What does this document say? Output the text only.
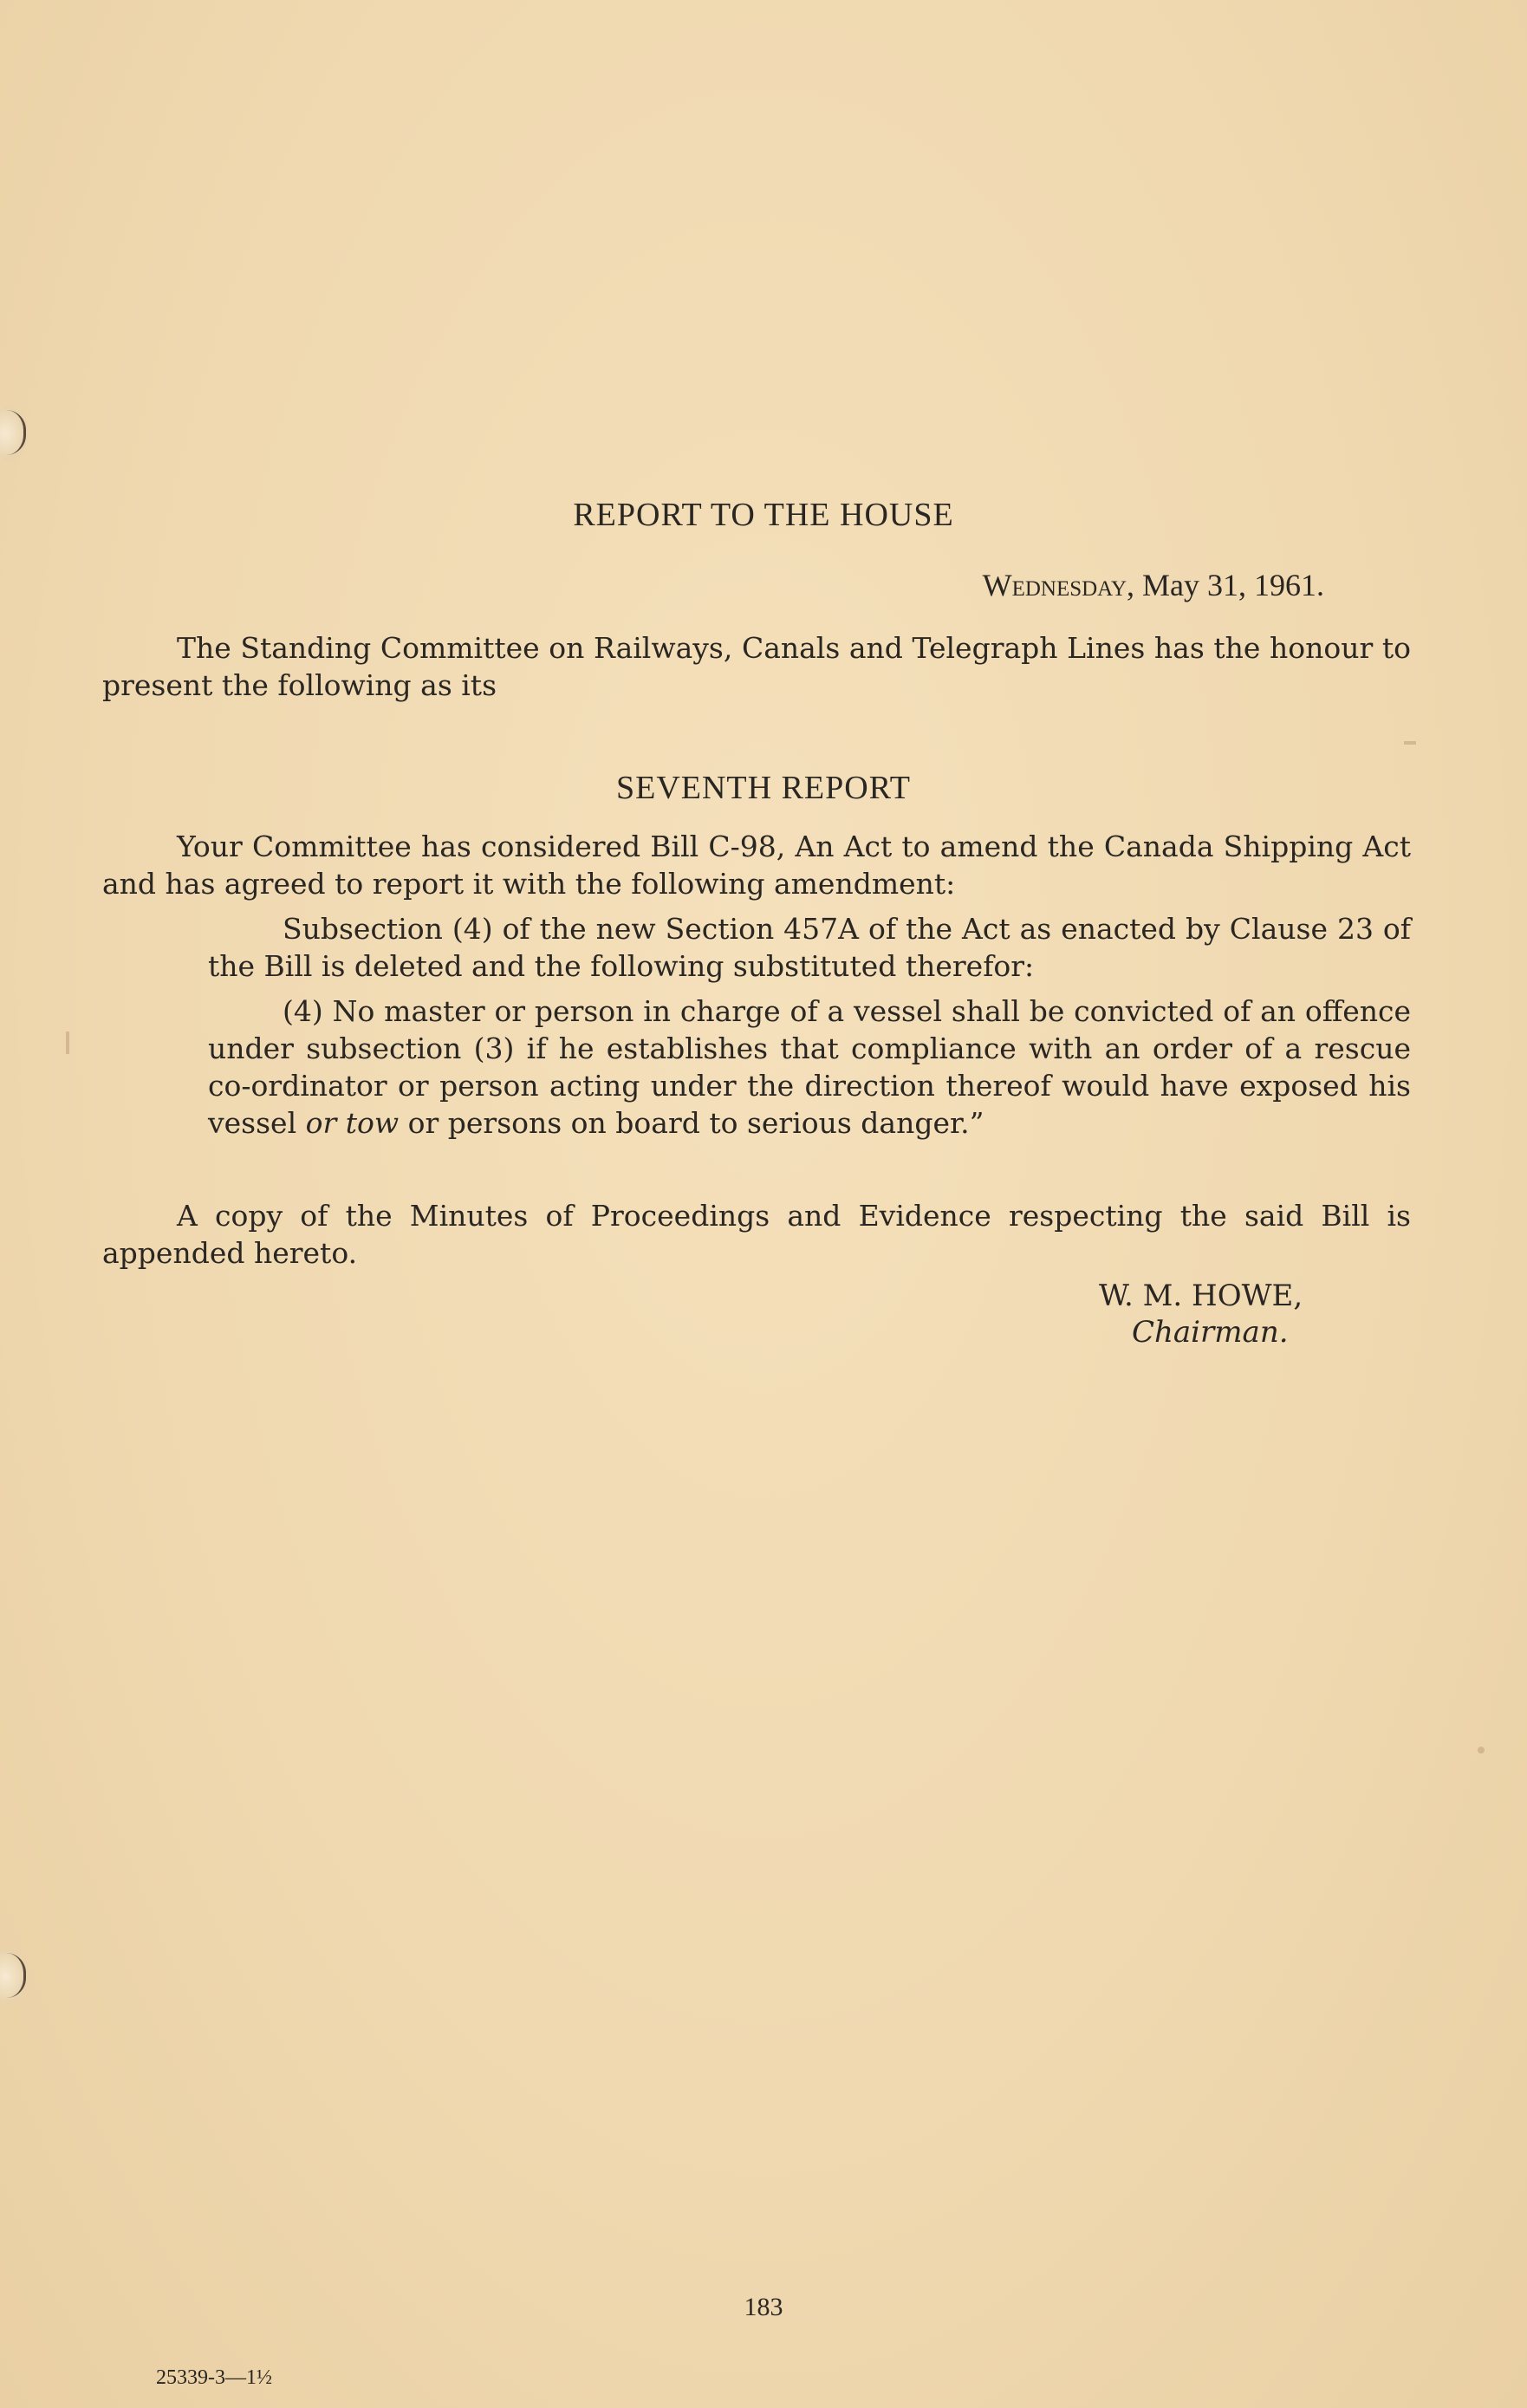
REPORT TO THE HOUSE
Wednesday, May 31, 1961.
The Standing Committee on Railways, Canals and Telegraph Lines has the honour to present the following as its
SEVENTH REPORT
Your Committee has considered Bill C-98, An Act to amend the Canada Shipping Act and has agreed to report it with the following amendment:
Subsection (4) of the new Section 457A of the Act as enacted by Clause 23 of the Bill is deleted and the following substituted therefor:
(4) No master or person in charge of a vessel shall be convicted of an offence under subsection (3) if he establishes that compliance with an order of a rescue co-ordinator or person acting under the direction thereof would have exposed his vessel or tow or persons on board to serious danger.”
A copy of the Minutes of Proceedings and Evidence respecting the said Bill is appended hereto.
W. M. HOWE,
Chairman.
183
25339-3—1½
